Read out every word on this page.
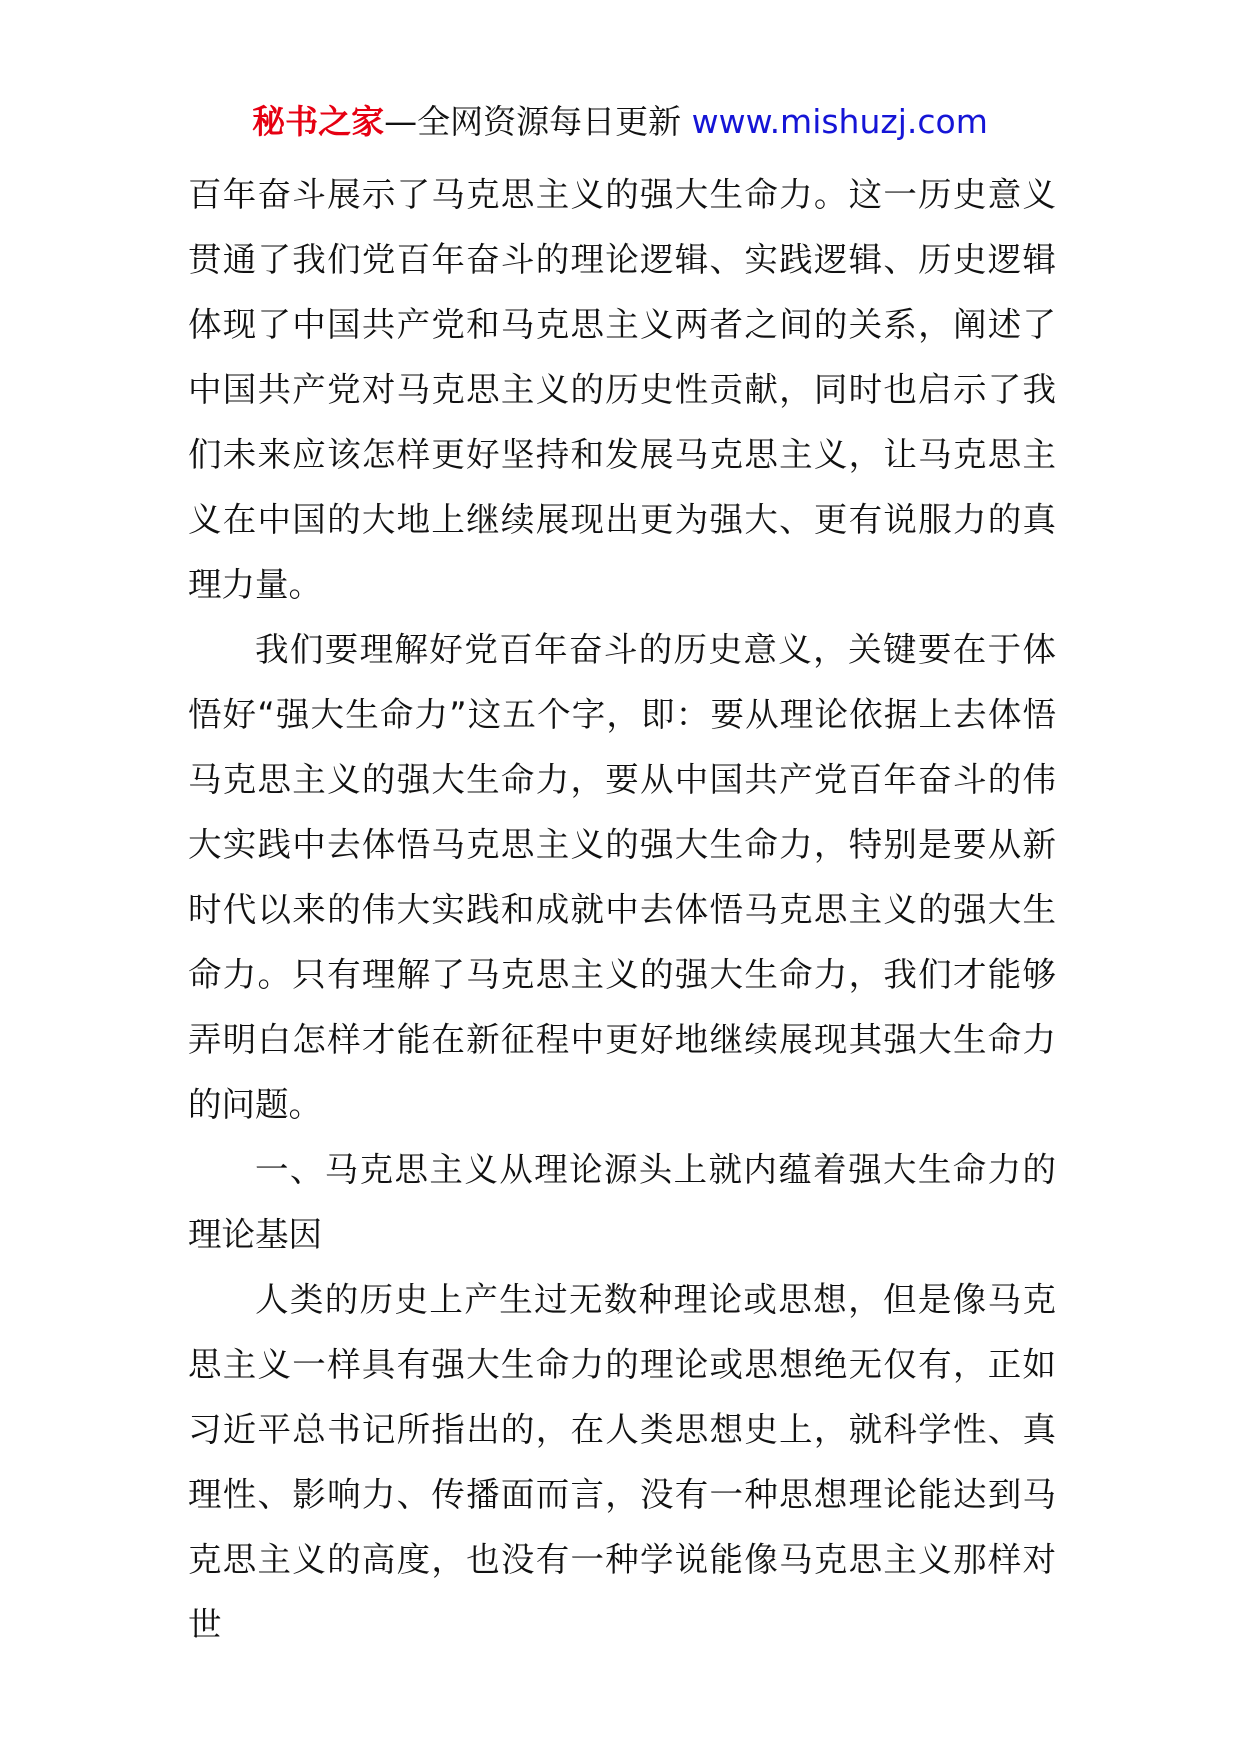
秘书之家—全网资源每日更新 www.mishuzj.com

百年奋斗展示了马克思主义的强大生命力。这一历史意义贯通了我们党百年奋斗的理论逻辑、实践逻辑、历史逻辑体现了中国共产党和马克思主义两者之间的关系，阐述了中国共产党对马克思主义的历史性贡献，同时也启示了我们未来应该怎样更好坚持和发展马克思主义，让马克思主义在中国的大地上继续展现出更为强大、更有说服力的真理力量。

我们要理解好党百年奋斗的历史意义，关键要在于体悟好“强大生命力”这五个字，即：要从理论依据上去体悟马克思主义的强大生命力，要从中国共产党百年奋斗的伟大实践中去体悟马克思主义的强大生命力，特别是要从新时代以来的伟大实践和成就中去体悟马克思主义的强大生命力。只有理解了马克思主义的强大生命力，我们才能够弄明白怎样才能在新征程中更好地继续展现其强大生命力的问题。

一、马克思主义从理论源头上就内蕴着强大生命力的理论基因

人类的历史上产生过无数种理论或思想，但是像马克思主义一样具有强大生命力的理论或思想绝无仅有，正如习近平总书记所指出的，在人类思想史上，就科学性、真理性、影响力、传播面而言，没有一种思想理论能达到马克思主义的高度，也没有一种学说能像马克思主义那样对世
